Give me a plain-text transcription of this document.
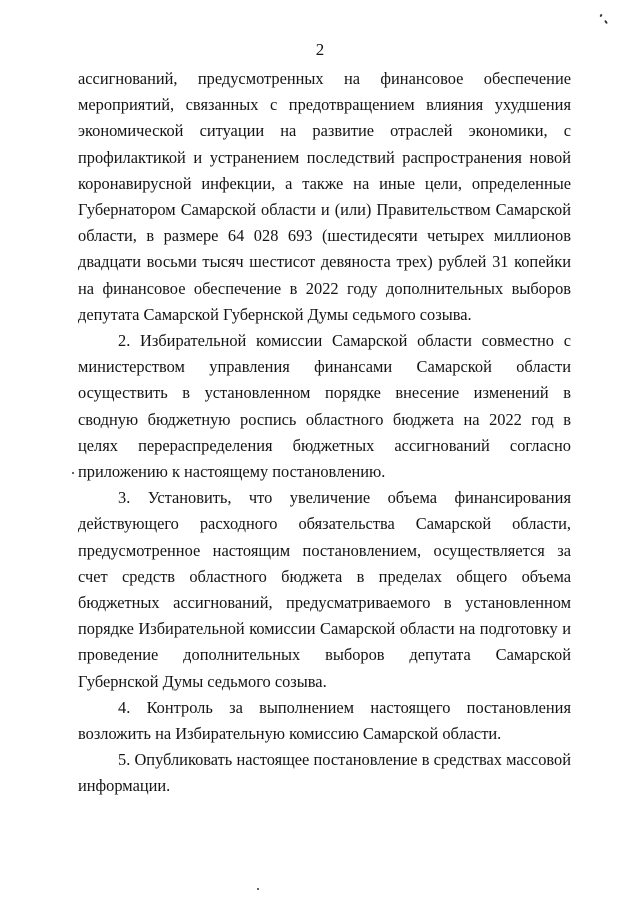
2

ассигнований, предусмотренных на финансовое обеспечение мероприятий, связанных с предотвращением влияния ухудшения экономической ситуации на развитие отраслей экономики, с профилактикой и устранением последствий распространения новой коронавирусной инфекции, а также на иные цели, определенные Губернатором Самарской области и (или) Правительством Самарской области, в размере 64 028 693 (шестидесяти четырех миллионов двадцати восьми тысяч шестисот девяноста трех) рублей 31 копейки на финансовое обеспечение в 2022 году дополнительных выборов депутата Самарской Губернской Думы седьмого созыва.

2. Избирательной комиссии Самарской области совместно с министерством управления финансами Самарской области осуществить в установленном порядке внесение изменений в сводную бюджетную роспись областного бюджета на 2022 год в целях перераспределения бюджетных ассигнований согласно приложению к настоящему постановлению.

3. Установить, что увеличение объема финансирования действующего расходного обязательства Самарской области, предусмотренное настоящим постановлением, осуществляется за счет средств областного бюджета в пределах общего объема бюджетных ассигнований, предусматриваемого в установленном порядке Избирательной комиссии Самарской области на подготовку и проведение дополнительных выборов депутата Самарской Губернской Думы седьмого созыва.

4. Контроль за выполнением настоящего постановления возложить на Избирательную комиссию Самарской области.

5. Опубликовать настоящее постановление в средствах массовой информации.
